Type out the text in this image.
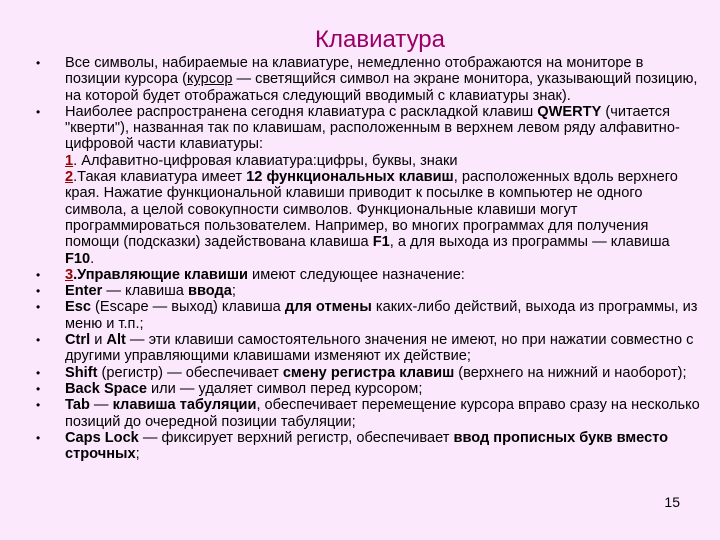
Клавиатура
• Все символы, набираемые на клавиатуре, немедленно отображаются на мониторе в позиции курсора (курсор — светящийся символ на экране монитора, указывающий позицию, на которой будет отображаться следующий вводимый с клавиатуры знак).
• Наиболее распространена сегодня клавиатура с раскладкой клавиш QWERTY (читается "кверти"), названная так по клавишам, расположенным в верхнем левом ряду алфавитно-цифровой части клавиатуры:
1. Алфавитно-цифровая клавиатура:цифры, буквы, знаки
2.Такая клавиатура имеет 12 функциональных клавиш, расположенных вдоль верхнего края. Нажатие функциональной клавиши приводит к посылке в компьютер не одного символа, а целой совокупности символов. Функциональные клавиши могут программироваться пользователем. Например, во многих программах для получения помощи (подсказки) задействована клавиша F1, а для выхода из программы — клавиша F10.
• 3.Управляющие клавиши имеют следующее назначение:
• Enter — клавиша ввода;
• Esc (Escape — выход) клавиша для отмены каких-либо действий, выхода из программы, из меню и т.п.;
• Ctrl и Alt — эти клавиши самостоятельного значения не имеют, но при нажатии совместно с другими управляющими клавишами изменяют их действие;
• Shift (регистр) — обеспечивает смену регистра клавиш (верхнего на нижний и наоборот);
• Back Space или — удаляет символ перед курсором;
• Tab — клавиша табуляции, обеспечивает перемещение курсора вправо сразу на несколько позиций до очередной позиции табуляции;
• Caps Lock — фиксирует верхний регистр, обеспечивает ввод прописных букв вместо строчных;
15
